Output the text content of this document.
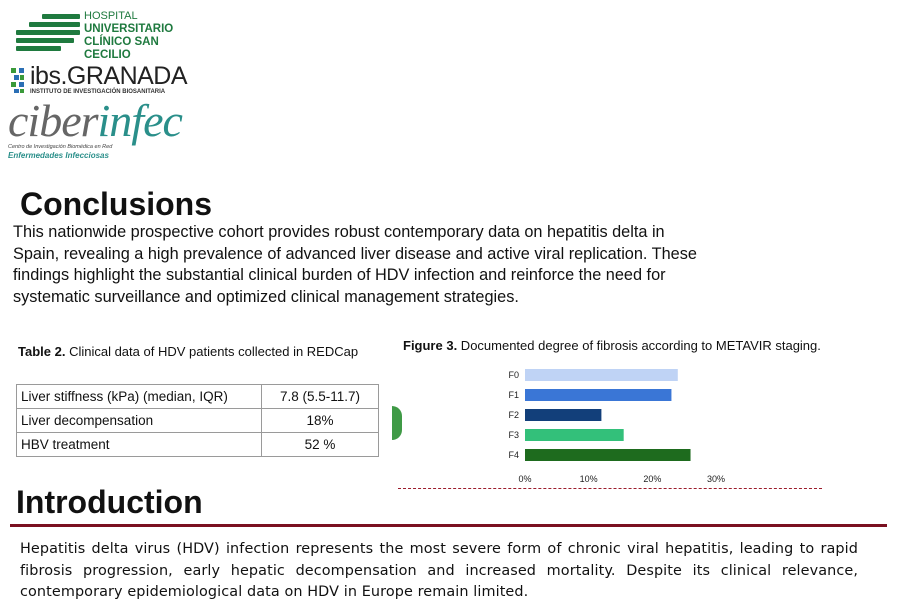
HOSPITAL
UNIVERSITARIO
CLÍNICO SAN CECILIO
ibs.GRANADA
INSTITUTO DE INVESTIGACIÓN BIOSANITARIA
ciberinfec
Centro de Investigación Biomédica en Red
Enfermedades Infecciosas
Conclusions
This nationwide prospective cohort provides robust contemporary data on hepatitis delta in Spain, revealing a high prevalence of advanced liver disease and active viral replication. These findings highlight the substantial clinical burden of HDV infection and reinforce the need for systematic surveillance and optimized clinical management strategies.
Table 2. Clinical data of HDV patients collected in REDCap
Liver stiffness (kPa) (median, IQR)	7.8 (5.5-11.7)
Liver decompensation	18%
HBV treatment	52 %
Figure 3. Documented degree of fibrosis according to METAVIR staging.
F0
F1
F2
F3
F4
0%	10%	20%	30%
Introduction
Hepatitis delta virus (HDV) infection represents the most severe form of chronic viral hepatitis, leading to rapid fibrosis progression, early hepatic decompensation and increased mortality. Despite its clinical relevance, contemporary epidemiological data on HDV in Europe remain limited.
